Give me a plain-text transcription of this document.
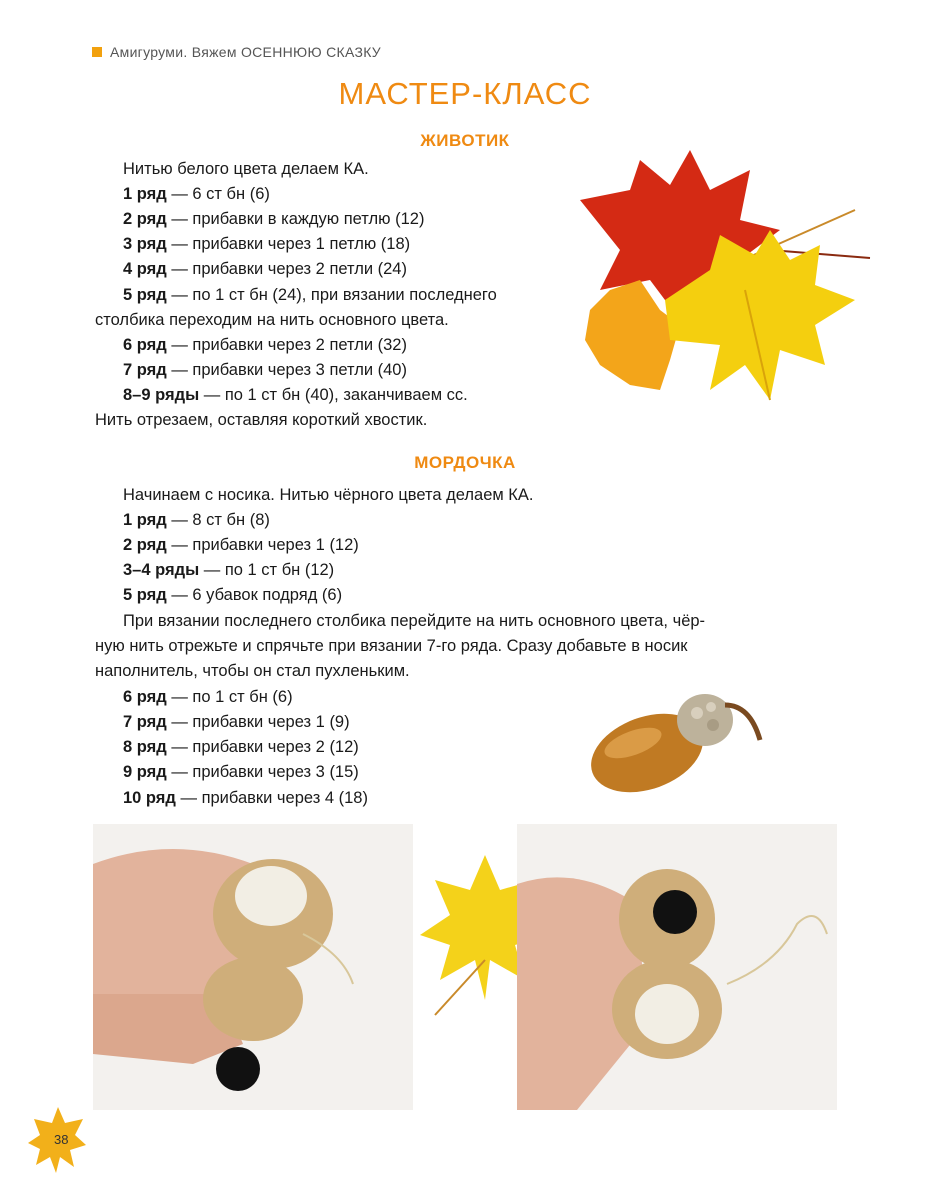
Амигуруми. Вяжем ОСЕННЮЮ СКАЗКУ
МАСТЕР-КЛАСС
ЖИВОТИК
Нитью белого цвета делаем КА.
1 ряд — 6 ст бн (6)
2 ряд — прибавки в каждую петлю (12)
3 ряд — прибавки через 1 петлю (18)
4 ряд — прибавки через 2 петли (24)
5 ряд — по 1 ст бн (24), при вязании последнего
столбика переходим на нить основного цвета.
6 ряд — прибавки через 2 петли (32)
7 ряд — прибавки через 3 петли (40)
8–9 ряды — по 1 ст бн (40), заканчиваем сс.
Нить отрезаем, оставляя короткий хвостик.
МОРДОЧКА
Начинаем с носика. Нитью чёрного цвета делаем КА.
1 ряд — 8 ст бн (8)
2 ряд — прибавки через 1 (12)
3–4 ряды — по 1 ст бн (12)
5 ряд — 6 убавок подряд (6)
При вязании последнего столбика перейдите на нить основного цвета, чёр-
ную нить отрежьте и спрячьте при вязании 7-го ряда. Сразу добавьте в носик
наполнитель, чтобы он стал пухленьким.
6 ряд — по 1 ст бн (6)
7 ряд — прибавки через 1 (9)
8 ряд — прибавки через 2 (12)
9 ряд — прибавки через 3 (15)
10 ряд — прибавки через 4 (18)
38
